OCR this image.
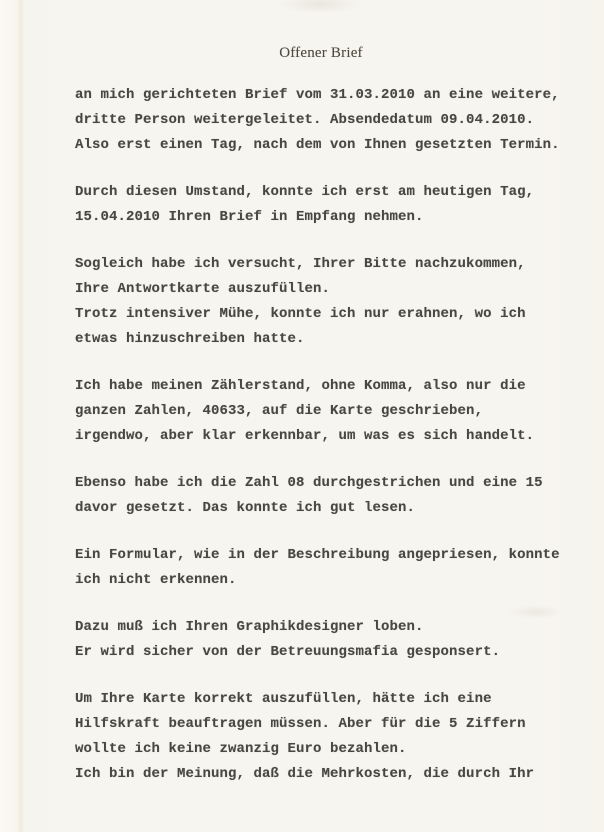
Offener Brief

an mich gerichteten Brief vom 31.03.2010 an eine weitere,
dritte Person weitergeleitet. Absendedatum 09.04.2010.
Also erst einen Tag, nach dem von Ihnen gesetzten Termin.

Durch diesen Umstand, konnte ich erst am heutigen Tag,
15.04.2010 Ihren Brief in Empfang nehmen.

Sogleich habe ich versucht, Ihrer Bitte nachzukommen,
Ihre Antwortkarte auszufüllen.
Trotz intensiver Mühe, konnte ich nur erahnen, wo ich
etwas hinzuschreiben hatte.

Ich habe meinen Zählerstand, ohne Komma, also nur die
ganzen Zahlen, 40633, auf die Karte geschrieben,
irgendwo, aber klar erkennbar, um was es sich handelt.

Ebenso habe ich die Zahl 08 durchgestrichen und eine 15
davor gesetzt. Das konnte ich gut lesen.

Ein Formular, wie in der Beschreibung angepriesen, konnte
ich nicht erkennen.

Dazu muß ich Ihren Graphikdesigner loben.
Er wird sicher von der Betreuungsmafia gesponsert.

Um Ihre Karte korrekt auszufüllen, hätte ich eine
Hilfskraft beauftragen müssen. Aber für die 5 Ziffern
wollte ich keine zwanzig Euro bezahlen.
Ich bin der Meinung, daß die Mehrkosten, die durch Ihr
